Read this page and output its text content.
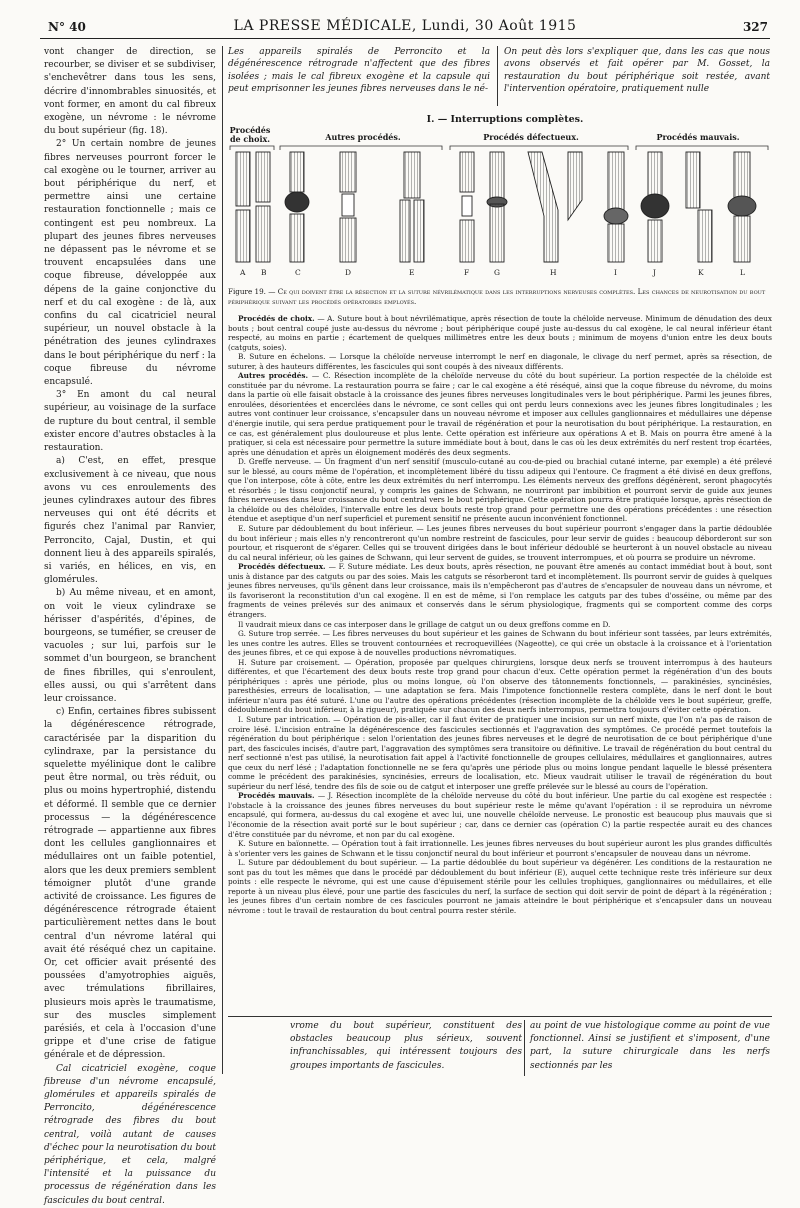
N° 40	LA PRESSE MÉDICALE, Lundi, 30 Août 1915	327

vont changer de direction, se recourber, se diviser et se subdiviser, s'enchevêtrer dans tous les sens, décrire d'innombrables sinuosités, et vont former, en amont du cal fibreux exogène, un névrome : le névrome du bout supérieur (fig. 18).

2° Un certain nombre de jeunes fibres nerveuses pourront forcer le cal exogène ou le tourner, arriver au bout périphérique du nerf, et permettre ainsi une certaine restauration fonctionnelle ; mais ce contingent est peu nombreux. La plupart des jeunes fibres nerveuses ne dépassent pas le névrome et se trouvent encapsulées dans une coque fibreuse, développée aux dépens de la gaine conjonctive du nerf et du cal exogène : de là, aux confins du cal cicatriciel neural supérieur, un nouvel obstacle à la pénétration des jeunes cylindraxes dans le bout périphérique du nerf : la coque fibreuse du névrome encapsulé.

3° En amont du cal neural supérieur, au voisinage de la surface de rupture du bout central, il semble exister encore d'autres obstacles à la restauration.

a) C'est, en effet, presque exclusivement à ce niveau, que nous avons vu ces enroulements des jeunes cylindraxes autour des fibres nerveuses qui ont été décrits et figurés chez l'animal par Ranvier, Perroncito, Cajal, Dustin, et qui donnent lieu à des appareils spiralés, si variés, en hélices, en vis, en glomérules.

b) Au même niveau, et en amont, on voit le vieux cylindraxe se hérisser d'aspérités, d'épines, de bourgeons, se tuméfier, se creuser de vacuoles ; sur lui, parfois sur le sommet d'un bourgeon, se branchent de fines fibrilles, qui s'enroulent, elles aussi, ou qui s'arrêtent dans leur croissance.

c) Enfin, certaines fibres subissent la dégénérescence rétrograde, caractérisée par la disparition du cylindraxe, par la persistance du squelette myélinique dont le calibre peut être normal, ou très réduit, ou plus ou moins hypertrophié, distendu et déformé. Il semble que ce dernier processus — la dégénérescence rétrograde — appartienne aux fibres dont les cellules ganglionnaires et médullaires ont un faible potentiel, alors que les deux premiers semblent témoigner plutôt d'une grande activité de croissance. Les figures de dégénérescence rétrograde étaient particulièrement nettes dans le bout central d'un névrome latéral qui avait été réséqué chez un capitaine. Or, cet officier avait présenté des poussées d'amyotrophies aiguës, avec trémulations fibrillaires, plusieurs mois après le traumatisme, sur des muscles simplement parésiés, et cela à l'occasion d'une grippe et d'une crise de fatigue générale et de dépression.

Cal cicatriciel exogène, coque fibreuse d'un névrome encapsulé, glomérules et appareils spiralés de Perroncito, dégénérescence rétrograde des fibres du bout central, voilà autant de causes d'échec pour la neurotisation du bout périphérique, et cela, malgré l'intensité et la puissance du processus de régénération dans les fascicules du bout central.

Les appareils spiralés de Perroncito et la dégénérescence rétrograde n'affectent que des fibres isolées ; mais le cal fibreux exogène et la capsule qui peut emprisonner les jeunes fibres nerveuses dans le né-
On peut dès lors s'expliquer que, dans les cas que nous avons observés et fait opérer par M. Gosset, la restauration du bout périphérique soit restée, avant l'intervention opératoire, pratiquement nulle
I. — Interruptions complètes.
Procédés de choix.	Autres procédés.	Procédés défectueux.	Procédés mauvais.
A B	C	D	E	F	G	H	I	J	K	L
Figure 19. — Ce qui doivent être la résection et la suture névrilématique dans les interruptions nerveuses complètes. Les chances de neurotisation du bout périphérique suivant les procédés opératoires employés.

Procédés de choix. — A. Suture bout à bout névrilématique, après résection de toute la chéloïde nerveuse. Minimum de dénudation des deux bouts ; bout central coupé juste au-dessus du névrome ; bout périphérique coupé juste au-dessus du cal exogène, le cal neural inférieur étant respecté, au moins en partie ; écartement de quelques millimètres entre les deux bouts ; minimum de moyens d'union entre les deux bouts (catguts, soies).

B. Suture en échelons. — Lorsque la chéloïde nerveuse interrompt le nerf en diagonale, le clivage du nerf permet, après sa résection, de suturer, à des hauteurs différentes, les fascicules qui sont coupés à des niveaux différents.

Autres procédés. — C. Résection incomplète de la chéloïde nerveuse du côté du bout supérieur. La portion respectée de la chéloïde est constituée par du névrome. La restauration pourra se faire ; car le cal exogène a été réséqué, ainsi que la coque fibreuse du névrome, du moins dans la partie où elle faisait obstacle à la croissance des jeunes fibres nerveuses longitudinales vers le bout périphérique. Parmi les jeunes fibres, enroulées, désorientées et encerclées dans le névrome, ce sont celles qui ont perdu leurs connexions avec les jeunes fibres longitudinales ; les autres vont continuer leur croissance, s'encapsuler dans un nouveau névrome et imposer aux cellules ganglionnaires et médullaires une dépense d'énergie inutile, qui sera perdue pratiquement pour le travail de régénération et pour la neurotisation du bout périphérique. La restauration, en ce cas, est généralement plus douloureuse et plus lente. Cette opération est inférieure aux opérations A et B. Mais on pourra être amené à la pratiquer, si cela est nécessaire pour permettre la suture immédiate bout à bout, dans le cas où les deux extrémités du nerf restent trop écartées, après une dénudation et après un éloignement modérés des deux segments.

D. Greffe nerveuse. — Un fragment d'un nerf sensitif (musculo-cutané au cou-de-pied ou brachial cutané interne, par exemple) a été prélevé sur le blessé, au cours même de l'opération, et incomplètement libéré du tissu adipeux qui l'entoure. Ce fragment a été divisé en deux greffons, que l'on interpose, côte à côte, entre les deux extrémités du nerf interrompu. Les éléments nerveux des greffons dégénèrent, seront phagocytés et résorbés ; le tissu conjonctif neural, y compris les gaines de Schwann, ne nourriront par imbibition et pourront servir de guide aux jeunes fibres nerveuses dans leur croissance du bout central vers le bout périphérique. Cette opération pourra être pratiquée lorsque, après résection de la chéloïde ou des chéloïdes, l'intervalle entre les deux bouts reste trop grand pour permettre une des opérations précédentes : une résection étendue et aseptique d'un nerf superficiel et purement sensitif ne présente aucun inconvénient fonctionnel.

E. Suture par dédoublement du bout inférieur. — Les jeunes fibres nerveuses du bout supérieur pourront s'engager dans la partie dédoublée du bout inférieur ; mais elles n'y rencontreront qu'un nombre restreint de fascicules, pour leur servir de guides : beaucoup déborderont sur son pourtour, et risqueront de s'égarer. Celles qui se trouvent dirigées dans le bout inférieur dédoublé se heurteront à un nouvel obstacle au niveau du cal neural inférieur, où les gaines de Schwann, qui leur servent de guides, se trouvent interrompues, et où pourra se produire un névrome.

Procédés défectueux. — F. Suture médiate. Les deux bouts, après résection, ne pouvant être amenés au contact immédiat bout à bout, sont unis à distance par des catguts ou par des soies. Mais les catguts se résorberont tard et incomplètement. Ils pourront servir de guides à quelques jeunes fibres nerveuses, qu'ils gênent dans leur croissance, mais ils n'empêcheront pas d'autres de s'encapsuler de nouveau dans un névrome, et ils favoriseront la reconstitution d'un cal exogène. Il en est de même, si l'on remplace les catguts par des tubes d'osséine, ou même par des fragments de veines prélevés sur des animaux et conservés dans le sérum physiologique, fragments qui se comportent comme des corps étrangers.

Il vaudrait mieux dans ce cas interposer dans le grillage de catgut un ou deux greffons comme en D.

G. Suture trop serrée. — Les fibres nerveuses du bout supérieur et les gaines de Schwann du bout inférieur sont tassées, par leurs extrémités, les unes contre les autres. Elles se trouvent contournées et recroquevillées (Nageotte), ce qui crée un obstacle à la croissance et à l'orientation des jeunes fibres, et ce qui expose à de nouvelles productions névromatiques.

H. Suture par croisement. — Opération, proposée par quelques chirurgiens, lorsque deux nerfs se trouvent interrompus à des hauteurs différentes, et que l'écartement des deux bouts reste trop grand pour chacun d'eux. Cette opération permet la régénération d'un des bouts périphériques : après une période, plus ou moins longue, où l'on observe des tâtonnements fonctionnels, — parakinésies, syncinésies, paresthésies, erreurs de localisation, — une adaptation se fera. Mais l'impotence fonctionnelle restera complète, dans le nerf dont le bout inférieur n'aura pas été suturé. L'une ou l'autre des opérations précédentes (résection incomplète de la chéloïde vers le bout supérieur, greffe, dédoublement du bout inférieur, à la rigueur), pratiquée sur chacun des deux nerfs interrompus, permettra toujours d'éviter cette opération.

I. Suture par intrication. — Opération de pis-aller, car il faut éviter de pratiquer une incision sur un nerf mixte, que l'on n'a pas de raison de croire lésé. L'incision entraîne la dégénérescence des fascicules sectionnés et l'aggravation des symptômes. Ce procédé permet toutefois la régénération du bout périphérique : selon l'orientation des jeunes fibres nerveuses et le degré de neurotisation de ce bout périphérique d'une part, des fascicules incisés, d'autre part, l'aggravation des symptômes sera transitoire ou définitive. Le travail de régénération du bout central du nerf sectionné n'est pas utilisé, la neurotisation fait appel à l'activité fonctionnelle de groupes cellulaires, médullaires et ganglionnaires, autres que ceux du nerf lésé ; l'adaptation fonctionnelle ne se fera qu'après une période plus ou moins longue pendant laquelle le blessé présentera comme le précédent des parakinésies, syncinésies, erreurs de localisation, etc. Mieux vaudrait utiliser le travail de régénération du bout supérieur du nerf lésé, tendre des fils de soie ou de catgut et interposer une greffe prélevée sur le blessé au cours de l'opération.

Procédés mauvais. — J. Résection incomplète de la chéloïde nerveuse du côté du bout inférieur. Une partie du cal exogène est respectée : l'obstacle à la croissance des jeunes fibres nerveuses du bout supérieur reste le même qu'avant l'opération : il se reproduira un névrome encapsulé, qui formera, au-dessus du cal exogène et avec lui, une nouvelle chéloïde nerveuse. Le pronostic est beaucoup plus mauvais que si l'économie de la résection avait porté sur le bout supérieur ; car, dans ce dernier cas (opération C) la partie respectée aurait eu des chances d'être constituée par du névrome, et non par du cal exogène.

K. Suture en baïonnette. — Opération tout à fait irrationnelle. Les jeunes fibres nerveuses du bout supérieur auront les plus grandes difficultés à s'orienter vers les gaines de Schwann et le tissu conjonctif neural du bout inférieur et pourront s'encapsuler de nouveau dans un névrome.

L. Suture par dédoublement du bout supérieur. — La partie dédoublée du bout supérieur va dégénérer. Les conditions de la restauration ne sont pas du tout les mêmes que dans le procédé par dédoublement du bout inférieur (E), auquel cette technique reste très inférieure sur deux points : elle respecte le névrome, qui est une cause d'épuisement stérile pour les cellules trophiques, ganglionnaires ou médullaires, et elle reporte à un niveau plus élevé, pour une partie des fascicules du nerf, la surface de section qui doit servir de point de départ à la régénération ; les jeunes fibres d'un certain nombre de ces fascicules pourront ne jamais atteindre le bout périphérique et s'encapsuler dans un nouveau névrome : tout le travail de restauration du bout central pourra rester stérile.

vrome du bout supérieur, constituent des obstacles beaucoup plus sérieux, souvent infranchissables, qui intéressent toujours des groupes importants de fascicules.
au point de vue histologique comme au point de vue fonctionnel. Ainsi se justifient et s'imposent, d'une part, la suture chirurgicale dans les nerfs sectionnés par les
